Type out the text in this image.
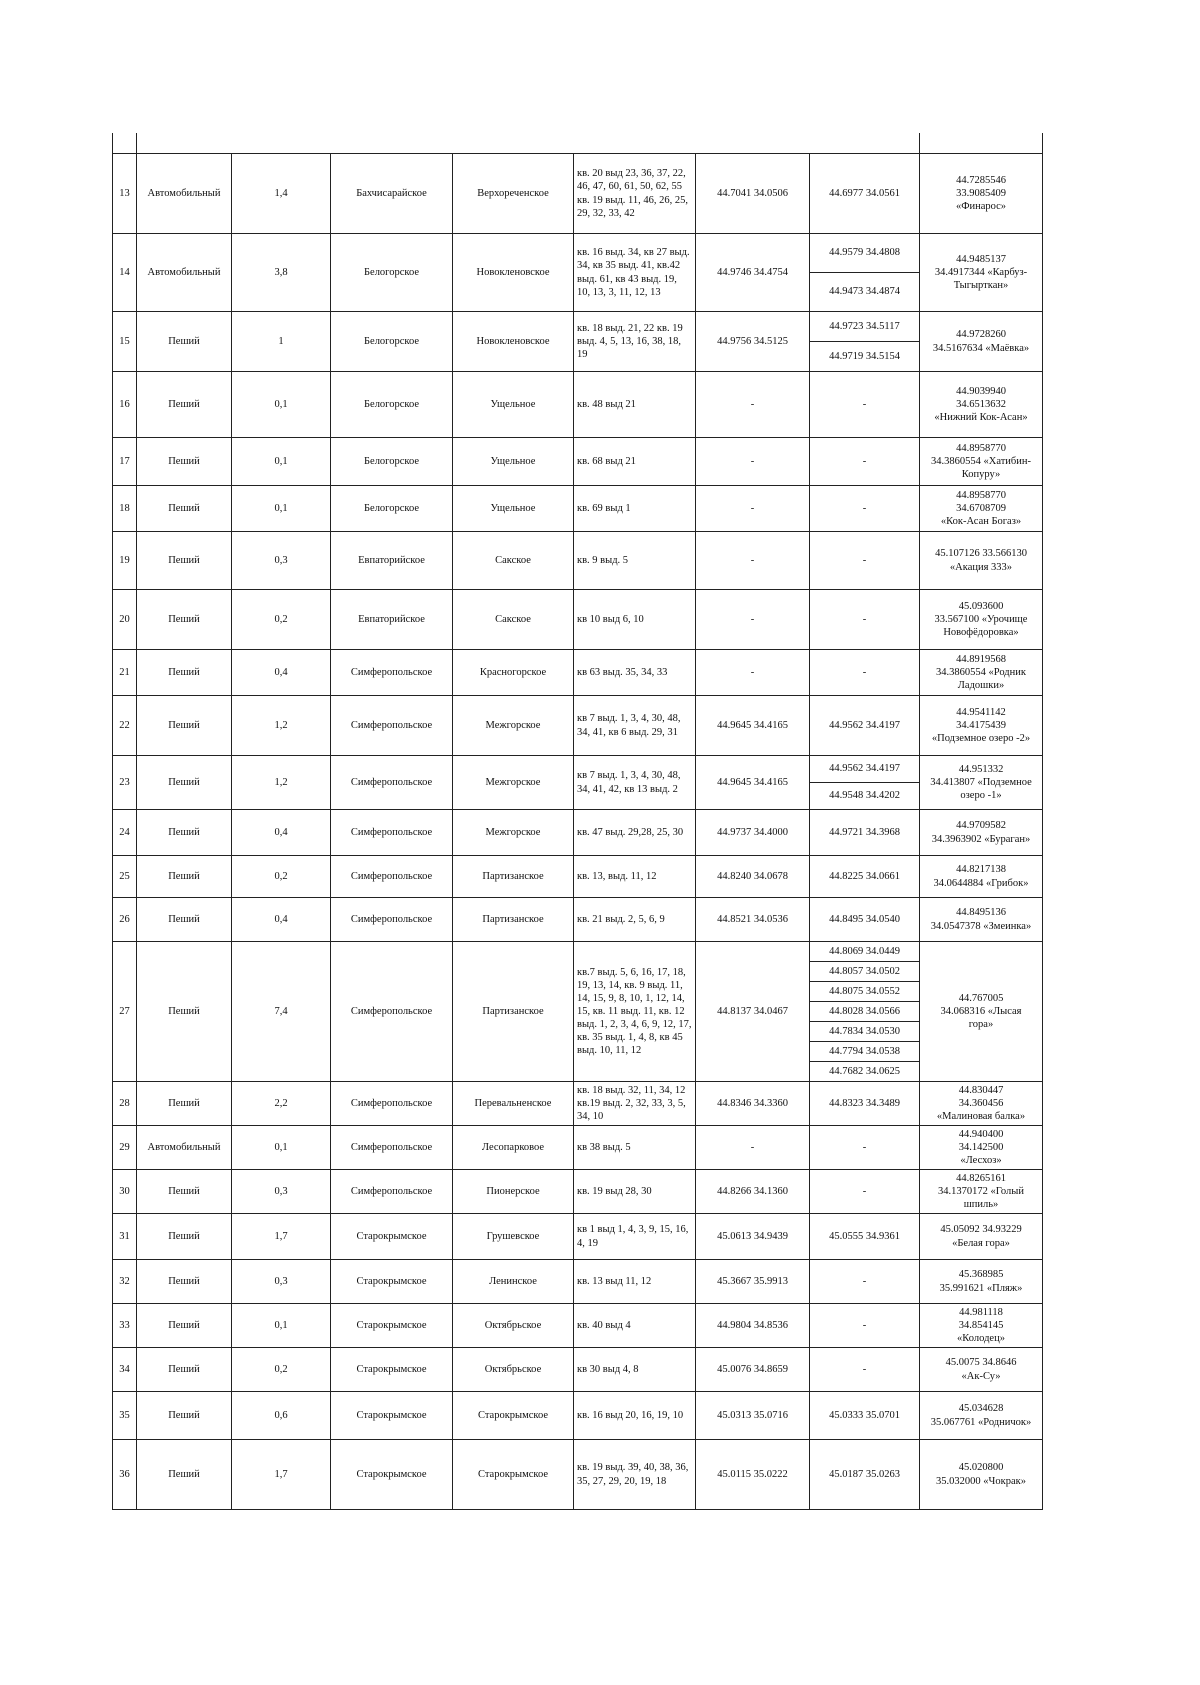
13	Автомобильный	1,4	Бахчисарайское	Верхореченское	кв. 20 выд 23, 36, 37, 22, 46, 47, 60, 61, 50, 62, 55 кв. 19 выд. 11, 46, 26, 25, 29, 32, 33, 42	44.7041 34.0506	44.6977 34.0561	44.7285546
33.9085409
«Финарос»

14	Автомобильный	3,8	Белогорское	Новокленовское	кв. 16 выд. 34, кв 27 выд. 34, кв 35 выд. 41, кв.42 выд. 61, кв 43 выд. 19, 10, 13, 3, 11, 12, 13	44.9746 34.4754	44.9579 34.4808	44.9485137
34.4917344 «Карбуз-
Тыгырткан»

							44.9473 34.4874	
15	Пеший	1	Белогорское	Новокленовское	кв. 18 выд. 21, 22 кв. 19 выд. 4, 5, 13, 16, 38, 18, 19	44.9756 34.5125	44.9723 34.5117	44.9728260
34.5167634 «Маёвка»

							44.9719 34.5154	
16	Пеший	0,1	Белогорское	Ущельное	кв. 48 выд 21	-	-	44.9039940
34.6513632
«Нижний Кок-Асан»

17	Пеший	0,1	Белогорское	Ущельное	кв. 68 выд 21	-	-	44.8958770
34.3860554 «Хатибин-
Копуру»

18	Пеший	0,1	Белогорское	Ущельное	кв. 69 выд 1	-	-	44.8958770
34.6708709
«Кок-Асан Богаз»

19	Пеший	0,3	Евпаторийское	Сакское	кв. 9 выд. 5	-	-	45.107126 33.566130
«Акация 333»

20	Пеший	0,2	Евпаторийское	Сакское	кв 10 выд 6, 10	-	-	45.093600
33.567100 «Урочище
Новофёдоровка»

21	Пеший	0,4	Симферопольское	Красногорское	кв 63 выд. 35, 34, 33	-	-	44.8919568
34.3860554 «Родник
Ладошки»

22	Пеший	1,2	Симферопольское	Межгорское	кв 7 выд. 1, 3, 4, 30, 48, 34, 41, кв 6 выд. 29, 31	44.9645 34.4165	44.9562 34.4197	44.9541142
34.4175439
«Подземное озеро -2»

23	Пеший	1,2	Симферопольское	Межгорское	кв 7 выд. 1, 3, 4, 30, 48, 34, 41, 42, кв 13 выд. 2	44.9645 34.4165	44.9562 34.4197	44.951332
34.413807 «Подземное
озеро -1»

							44.9548 34.4202	
24	Пеший	0,4	Симферопольское	Межгорское	кв. 47 выд. 29,28, 25, 30	44.9737 34.4000	44.9721 34.3968	44.9709582
34.3963902 «Бураган»

25	Пеший	0,2	Симферопольское	Партизанское	кв. 13, выд. 11, 12	44.8240 34.0678	44.8225 34.0661	44.8217138
34.0644884 «Грибок»

26	Пеший	0,4	Симферопольское	Партизанское	кв. 21 выд. 2, 5, 6, 9	44.8521 34.0536	44.8495 34.0540	44.8495136
34.0547378 «Змеинка»

27	Пеший	7,4	Симферопольское	Партизанское	кв.7 выд. 5, 6, 16, 17, 18, 19, 13, 14, кв. 9 выд. 11, 14, 15, 9, 8, 10, 1, 12, 14, 15, кв. 11 выд. 11, кв. 12 выд. 1, 2, 3, 4, 6, 9, 12, 17, кв. 35 выд. 1, 4, 8, кв 45 выд. 10, 11, 12	44.8137 34.0467	44.8069 34.0449	44.767005
34.068316 «Лысая
гора»

							44.8057 34.0502	
							44.8075 34.0552	
							44.8028 34.0566	
							44.7834 34.0530	
							44.7794 34.0538	
							44.7682 34.0625	
28	Пеший	2,2	Симферопольское	Перевальненское	кв. 18 выд. 32, 11, 34, 12 кв.19 выд. 2, 32, 33, 3, 5, 34, 10	44.8346 34.3360	44.8323 34.3489	44.830447
34.360456
«Малиновая балка»

29	Автомобильный	0,1	Симферопольское	Лесопарковое	кв 38 выд. 5	-	-	44.940400
34.142500
«Лесхоз»

30	Пеший	0,3	Симферопольское	Пионерское	кв. 19 выд 28, 30	44.8266 34.1360	-	44.8265161
34.1370172 «Голый
шпиль»

31	Пеший	1,7	Старокрымское	Грушевское	кв 1 выд 1, 4, 3, 9, 15, 16, 4, 19	45.0613 34.9439	45.0555 34.9361	45.05092 34.93229
«Белая гора»

32	Пеший	0,3	Старокрымское	Ленинское	кв. 13 выд 11, 12	45.3667 35.9913	-	45.368985
35.991621 «Пляж»

33	Пеший	0,1	Старокрымское	Октябрьское	кв. 40 выд 4	44.9804 34.8536	-	44.981118
34.854145
«Колодец»

34	Пеший	0,2	Старокрымское	Октябрьское	кв 30 выд 4, 8	45.0076 34.8659	-	45.0075 34.8646
«Ак-Су»

35	Пеший	0,6	Старокрымское	Старокрымское	кв. 16 выд 20, 16, 19, 10	45.0313 35.0716	45.0333 35.0701	45.034628
35.067761 «Родничок»

36	Пеший	1,7	Старокрымское	Старокрымское	кв. 19 выд. 39, 40, 38, 36, 35, 27, 29, 20, 19, 18	45.0115 35.0222	45.0187 35.0263	45.020800
35.032000 «Чокрак»
